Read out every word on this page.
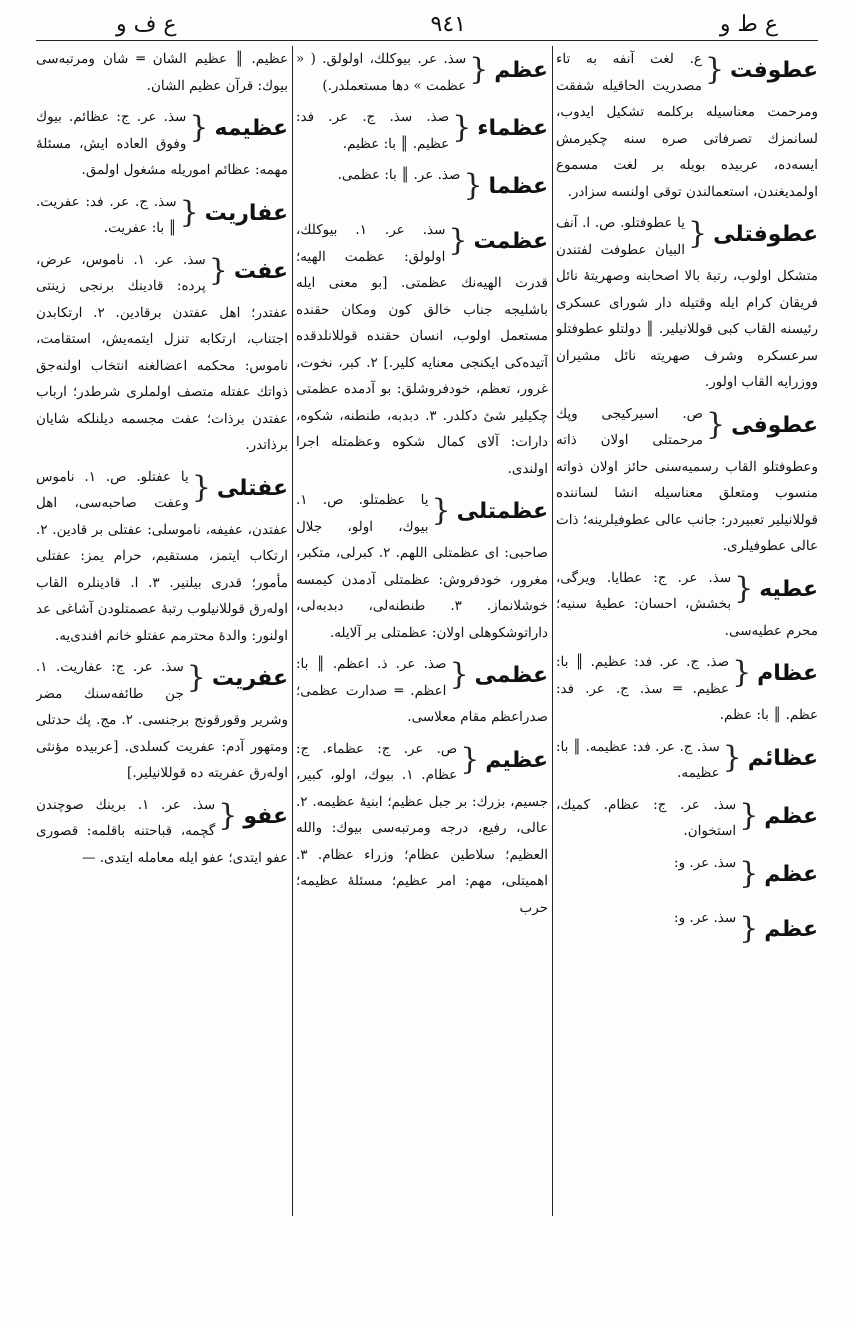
ع ف و	٩٤١	ع ط و
عطوفت
{
ع. لغت آنفه به تاء مصدريت الحاقيله شفقت ومرحمت معناسيله بركلمه تشكيل ايدوب، لسانمزك تصرفاتی صره سنه چكيرمش ايسه‌ده، عربيده بويله بر لغت مسموع اولمديغندن، استعمالندن توقی اولنسه سزادر.
عطوفتلی
{
يا عطوفتلو. ص. ا. آنف البيان عطوفت لفتندن متشكل اولوب، رتبهٔ بالا اصحابنه وصهريتهٔ نائل فريقان كرام ايله وقتيله دار شورای عسكری رئيسنه القاب كبی قوللانيلير. ║ دولتلو عطوفتلو سرعسكره وشرف صهريته نائل مشيران ووزرايه القاب اولور.
عطوفی
{
ص. اسيركيجی وپك مرحمتلی اولان ذاته وعطوفتلو القاب رسميه‌سنی حائز اولان ذواته منسوب ومتعلق معناسيله انشا لساننده قوللانيلير تعبيردر: جانب عالی عطوفيلرينه؛ ذات عالی عطوفيلری.
عطيه
{
سذ. عر. ج: عطايا. ويرگی، بخشش، احسان: عطيهٔ سنيه؛ محرم عطيه‌سی.
عظام
{
صذ. ج. عر. فد: عظيم. ║ با: عظيم. ═ سذ. ج. عر. فد: عظم. ║ با: عظم.
عظائم
{
سذ. ج. عر. فد: عظيمه. ║ با: عظيمه.
عظم
{
سذ. عر. ج: عظام. كميك، استخوان.
عظم
{
سذ. عر. و:
عظم
{
سذ. عر. و:
عظم
{
سذ. عر. بيوكلك، اولولق. ( « عظمت » دها مستعملدر.)
عظماء
{
صذ. سذ. ج. عر. فد: عظيم. ║ با: عظيم.
عظما
{
صذ. عر. ║ با: عظمی.
عظمت
{
سذ. عر. ١. بيوكلك، اولولق: عظمت الهيه؛ قدرت الهيه‌نك عظمتی. [بو معنی ايله باشليجه جناب خالق كون ومكان حقنده مستعمل اولوب، انسان حقنده قوللانلدقده آتيده‌كی ايكنجی معنايه كلير.] ٢. كبر، نخوت، غرور، تعظم، خودفروشلق: بو آدمده عظمتی چكيلير شیٔ دكلدر. ٣. دبدبه، طنطنه، شكوه، دارات: آلای كمال شكوه وعظمتله اجرا اولندی.
عظمتلی
{
يا عظمتلو. ص. ١. بيوك، اولو، جلال صاحبی: ای عظمتلی اللهم. ٢. كبرلی، متكبر، مغرور، خودفروش: عظمتلی آدمدن كيمسه خوشلانماز. ٣. طنطنه‌لی، دبدبه‌لی، داراتوشكوهلی اولان: عظمتلی بر آلايله.
عظمی
{
صذ. عر. ذ. اعظم. ║ با: اعظم. ═ صدارت عظمی؛ صدراعظم مقام معلاسی.
عظيم
{
ص. عر. ج: عظماء. ج: عظام. ١. بيوك، اولو، كبير، جسيم، بزرك: بر جبل عظيم؛ ابنيهٔ عظيمه. ٢. عالی، رفيع، درجه ومرتبه‌سی بيوك: والله العظيم؛ سلاطين عظام؛ وزراء عظام. ٣. اهميتلی، مهم: امر عظيم؛ مسئلهٔ عظيمه؛ حرب
عظيم. ║ عظيم الشان ═ شان ومرتبه‌سی بيوك: قرآن عظيم الشان.
عظيمه
{
سذ. عر. ج: عظائم. بيوك وفوق العاده ايش، مسئله‌ٔ مهمه: عظائم اموريله مشغول اولمق.
عفاريت
{
سذ. ج. عر. فد: عفريت. ║ با: عفريت.
عفت
{
سذ. عر. ١. ناموس، عرض، پرده: قادينك برنجی زينتی عفتدر؛ اهل عفتدن برقادين. ٢. ارتكابدن اجتناب، ارتكابه تنزل ايتمه‌يش، استقامت، ناموس: محكمه اعضالغنه انتخاب اولنه‌جق ذواتك عفتله متصف اولملری شرطدر؛ ارباب عفتدن برذات؛ عفت مجسمه ديلنلكه شايان برذاتدر.
عفتلی
{
يا عفتلو. ص. ١. ناموس وعفت صاحبه‌سی، اهل عفتدن، عفيفه، ناموسلی: عفتلی بر قادين. ٢. ارتكاب ايتمز، مستقيم، حرام يمز: عفتلی مأمور؛ قدری بيلنير. ٣. ا. قادينلره القاب اوله‌رق قوللانيلوب رتبهٔ عصمتلودن آشاغی عد اولنور: والدهٔ محترمم عفتلو خانم افندی‌يه.
عفريت
{
سذ. عر. ج: عفاريت. ١. جن طائفه‌سنك مضر وشرير وقورقونج برجنسی. ٢. مج. پك حدتلی ومتهور آدم: عفريت كسلدی. [عربيده مؤنثی اوله‌رق عفريته ده قوللانيلير.]
عفو
{
سذ. عر. ١. برينك صوچندن گچمه، قباحتنه باقلمه: قصوری عفو ايتدی؛ عفو ايله معامله ايتدی. —
